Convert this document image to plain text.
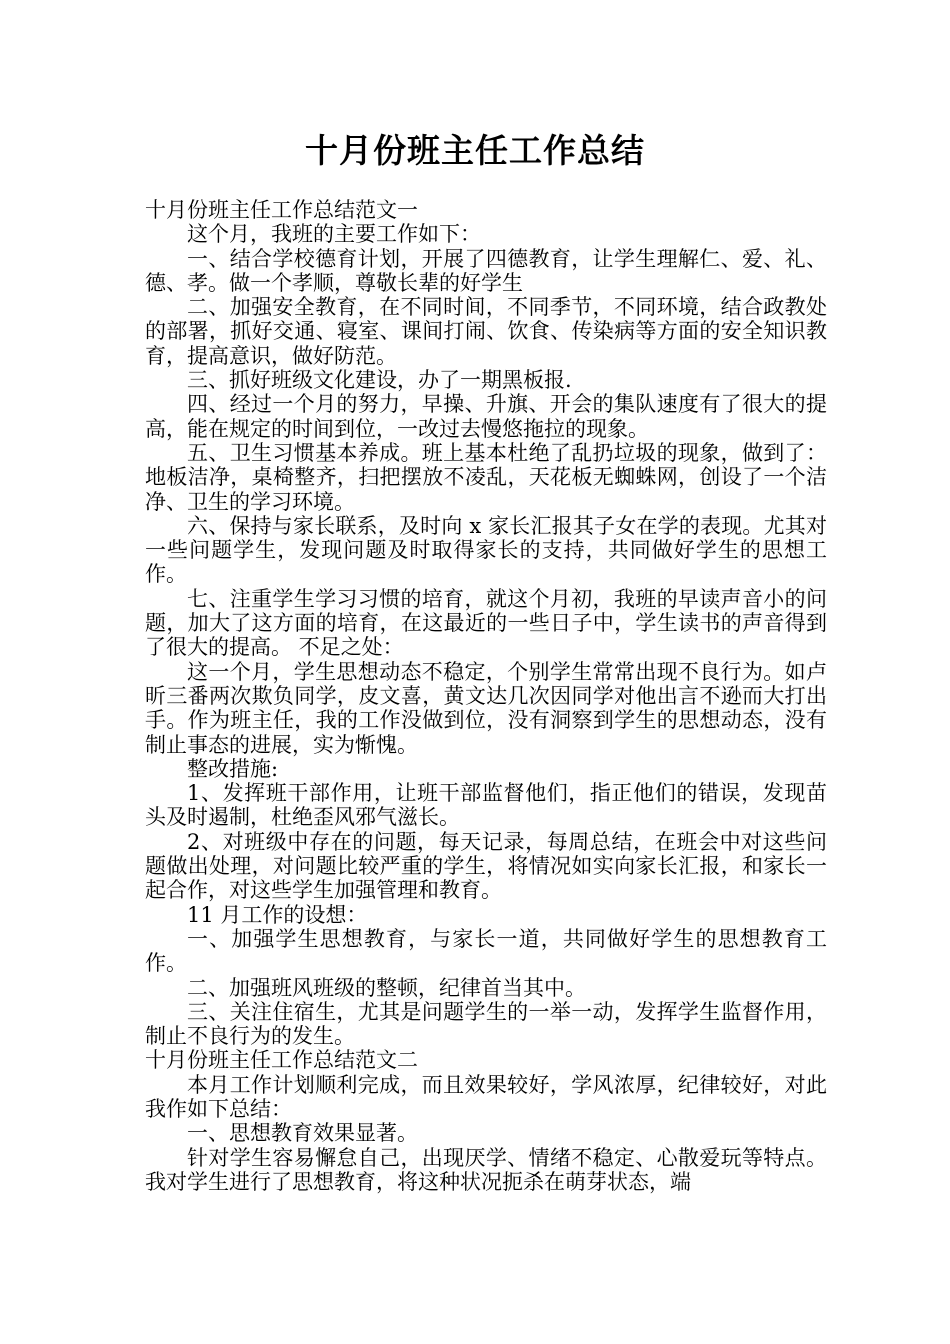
十月份班主任工作总结

十月份班主任工作总结范文一

这个月，我班的主要工作如下：

一、结合学校德育计划，开展了四德教育，让学生理解仁、爱、礼、德、孝。做一个孝顺，尊敬长辈的好学生

二、加强安全教育，在不同时间，不同季节，不同环境，结合政教处的部署，抓好交通、寝室、课间打闹、饮食、传染病等方面的安全知识教育，提高意识，做好防范。

三、抓好班级文化建设，办了一期黑板报.

四、经过一个月的努力，早操、升旗、开会的集队速度有了很大的提高，能在规定的时间到位，一改过去慢悠拖拉的现象。

五、卫生习惯基本养成。班上基本杜绝了乱扔垃圾的现象，做到了：地板洁净，桌椅整齐，扫把摆放不凌乱，天花板无蜘蛛网，创设了一个洁净、卫生的学习环境。

六、保持与家长联系，及时向 x 家长汇报其子女在学的表现。尤其对一些问题学生，发现问题及时取得家长的支持，共同做好学生的思想工作。

七、注重学生学习习惯的培育，就这个月初，我班的早读声音小的问题，加大了这方面的培育，在这最近的一些日子中，学生读书的声音得到了很大的提高。 不足之处：

这一个月，学生思想动态不稳定，个别学生常常出现不良行为。如卢昕三番两次欺负同学，皮文喜，黄文达几次因同学对他出言不逊而大打出手。作为班主任，我的工作没做到位，没有洞察到学生的思想动态，没有制止事态的进展，实为惭愧。

整改措施:

1、发挥班干部作用，让班干部监督他们，指正他们的错误，发现苗头及时遏制，杜绝歪风邪气滋长。

2、对班级中存在的问题，每天记录，每周总结，在班会中对这些问题做出处理，对问题比较严重的学生，将情况如实向家长汇报，和家长一起合作，对这些学生加强管理和教育。

11 月工作的设想：

一、加强学生思想教育，与家长一道，共同做好学生的思想教育工作。

二、加强班风班级的整顿，纪律首当其中。

三、关注住宿生，尤其是问题学生的一举一动，发挥学生监督作用，制止不良行为的发生。

十月份班主任工作总结范文二

本月工作计划顺利完成，而且效果较好，学风浓厚，纪律较好，对此我作如下总结：

一、思想教育效果显著。

针对学生容易懈怠自己，出现厌学、情绪不稳定、心散爱玩等特点。我对学生进行了思想教育，将这种状况扼杀在萌芽状态，端
